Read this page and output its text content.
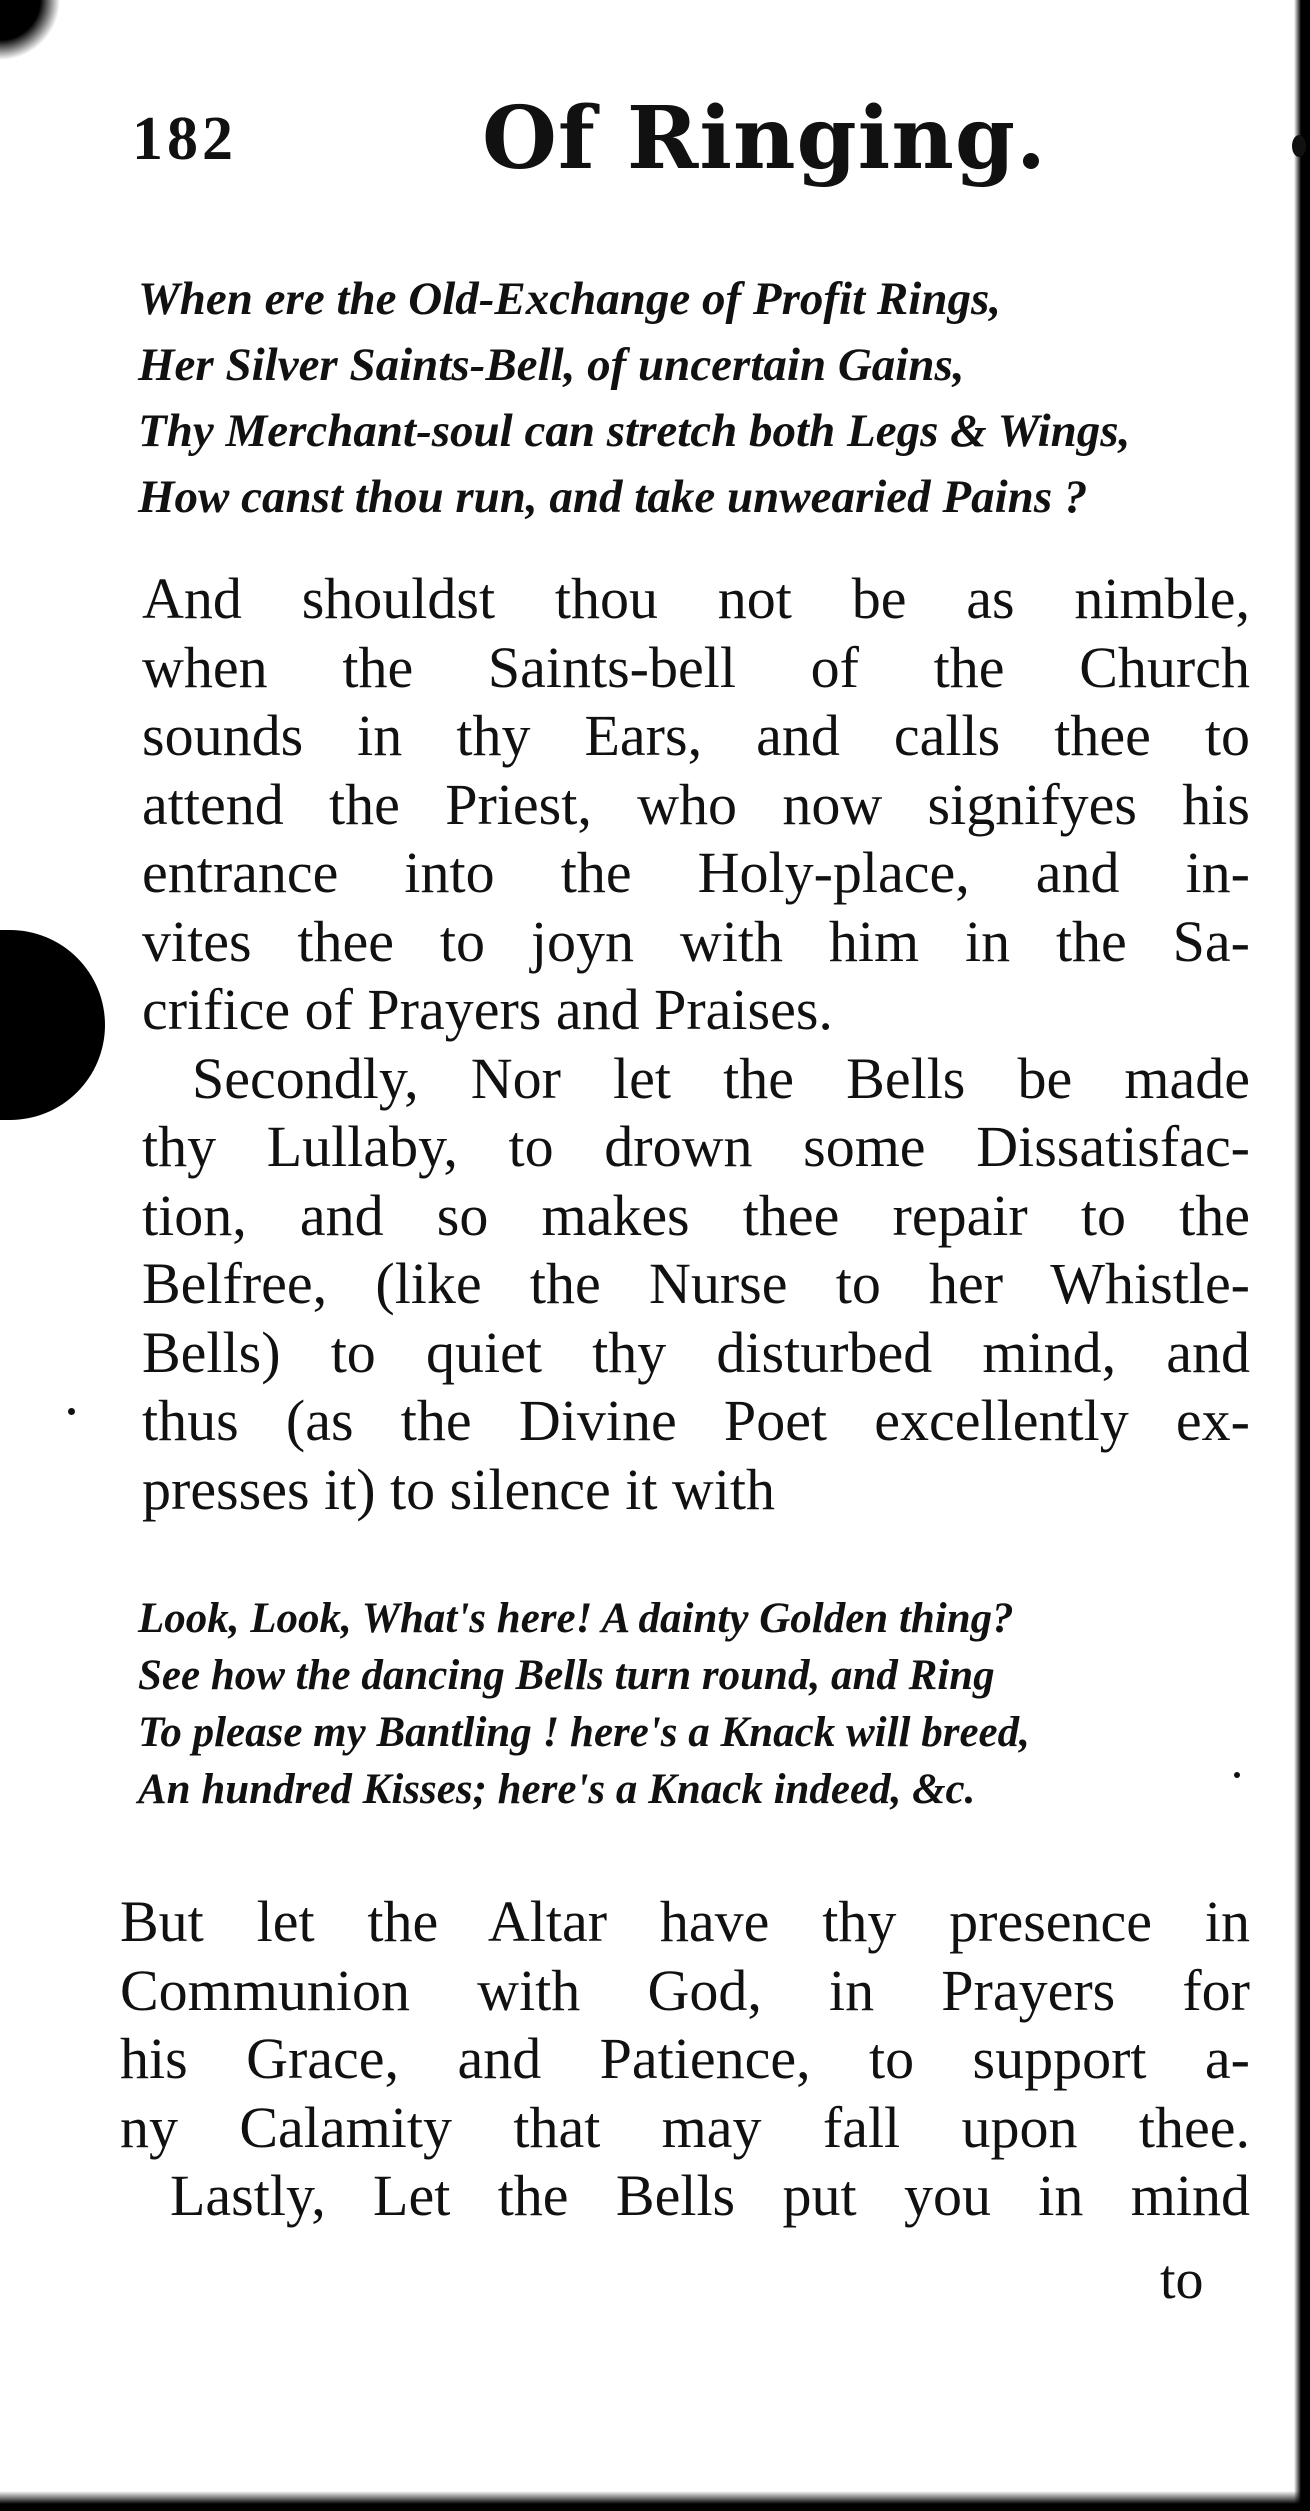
182	Of Ringing.
When ere the Old-Exchange of Profit Rings,
Her Silver Saints-Bell, of uncertain Gains,
Thy Merchant-soul can stretch both Legs & Wings,
How canst thou run, and take unwearied Pains ?
And shouldst thou not be as nimble,
when the Saints-bell of the Church
sounds in thy Ears, and calls thee to
attend the Priest, who now signifyes his
entrance into the Holy-place, and in-
vites thee to joyn with him in the Sa-
crifice of Prayers and Praises.
Secondly, Nor let the Bells be made
thy Lullaby, to drown some Dissatisfac-
tion, and so makes thee repair to the
Belfree, (like the Nurse to her Whistle-
Bells) to quiet thy disturbed mind, and
thus (as the Divine Poet excellently ex-
presses it) to silence it with
Look, Look, What's here! A dainty Golden thing?
See how the dancing Bells turn round, and Ring
To please my Bantling ! here's a Knack will breed,
An hundred Kisses; here's a Knack indeed, &c.
But let the Altar have thy presence in
Communion with God, in Prayers for
his Grace, and Patience, to support a-
ny Calamity that may fall upon thee.
Lastly, Let the Bells put you in mind
to
